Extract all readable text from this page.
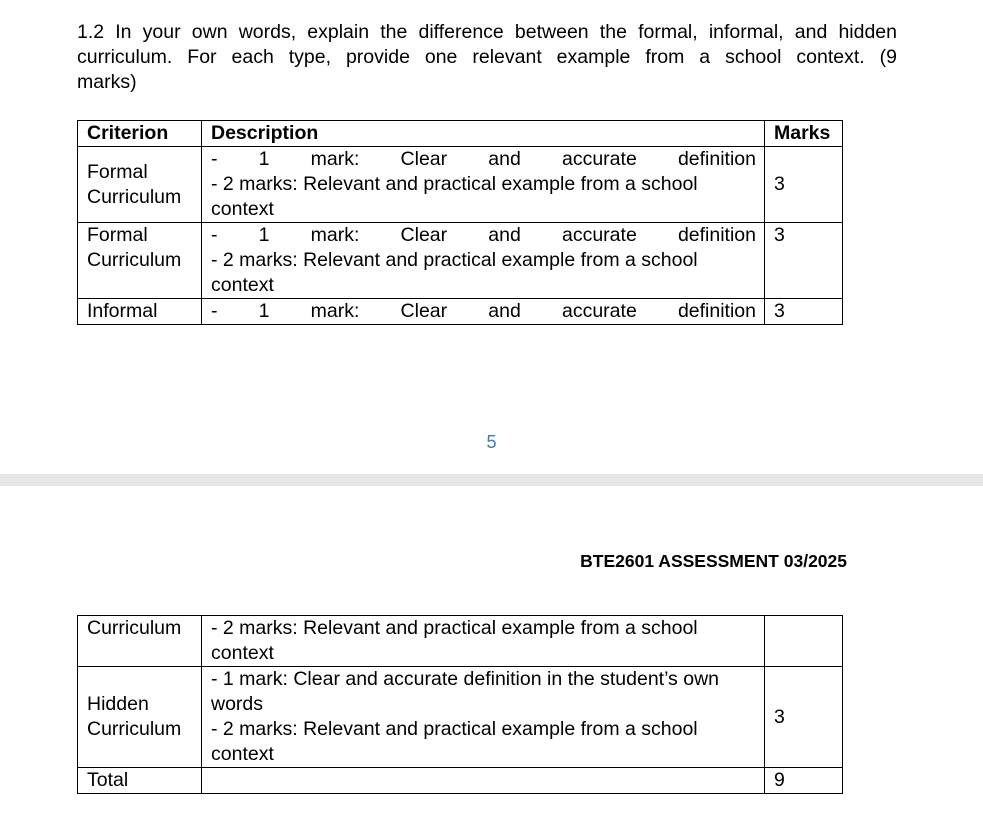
1.2 In your own words, explain the difference between the formal, informal, and hidden
curriculum. For each type, provide one relevant example from a school context. (9
marks)

Criterion	Description	Marks

Formal
Curriculum	- 1 mark: Clear and accurate definition
- 2 marks: Relevant and practical example from a school
context	3

Formal
Curriculum	- 1 mark: Clear and accurate definition
- 2 marks: Relevant and practical example from a school
context	3

Informal	- 1 mark: Clear and accurate definition	3
5
BTE2601 ASSESSMENT 03/2025
Curriculum	- 2 marks: Relevant and practical example from a school
context	

Hidden
Curriculum	- 1 mark: Clear and accurate definition in the student’s own
words
- 2 marks: Relevant and practical example from a school
context	3
Total		9
